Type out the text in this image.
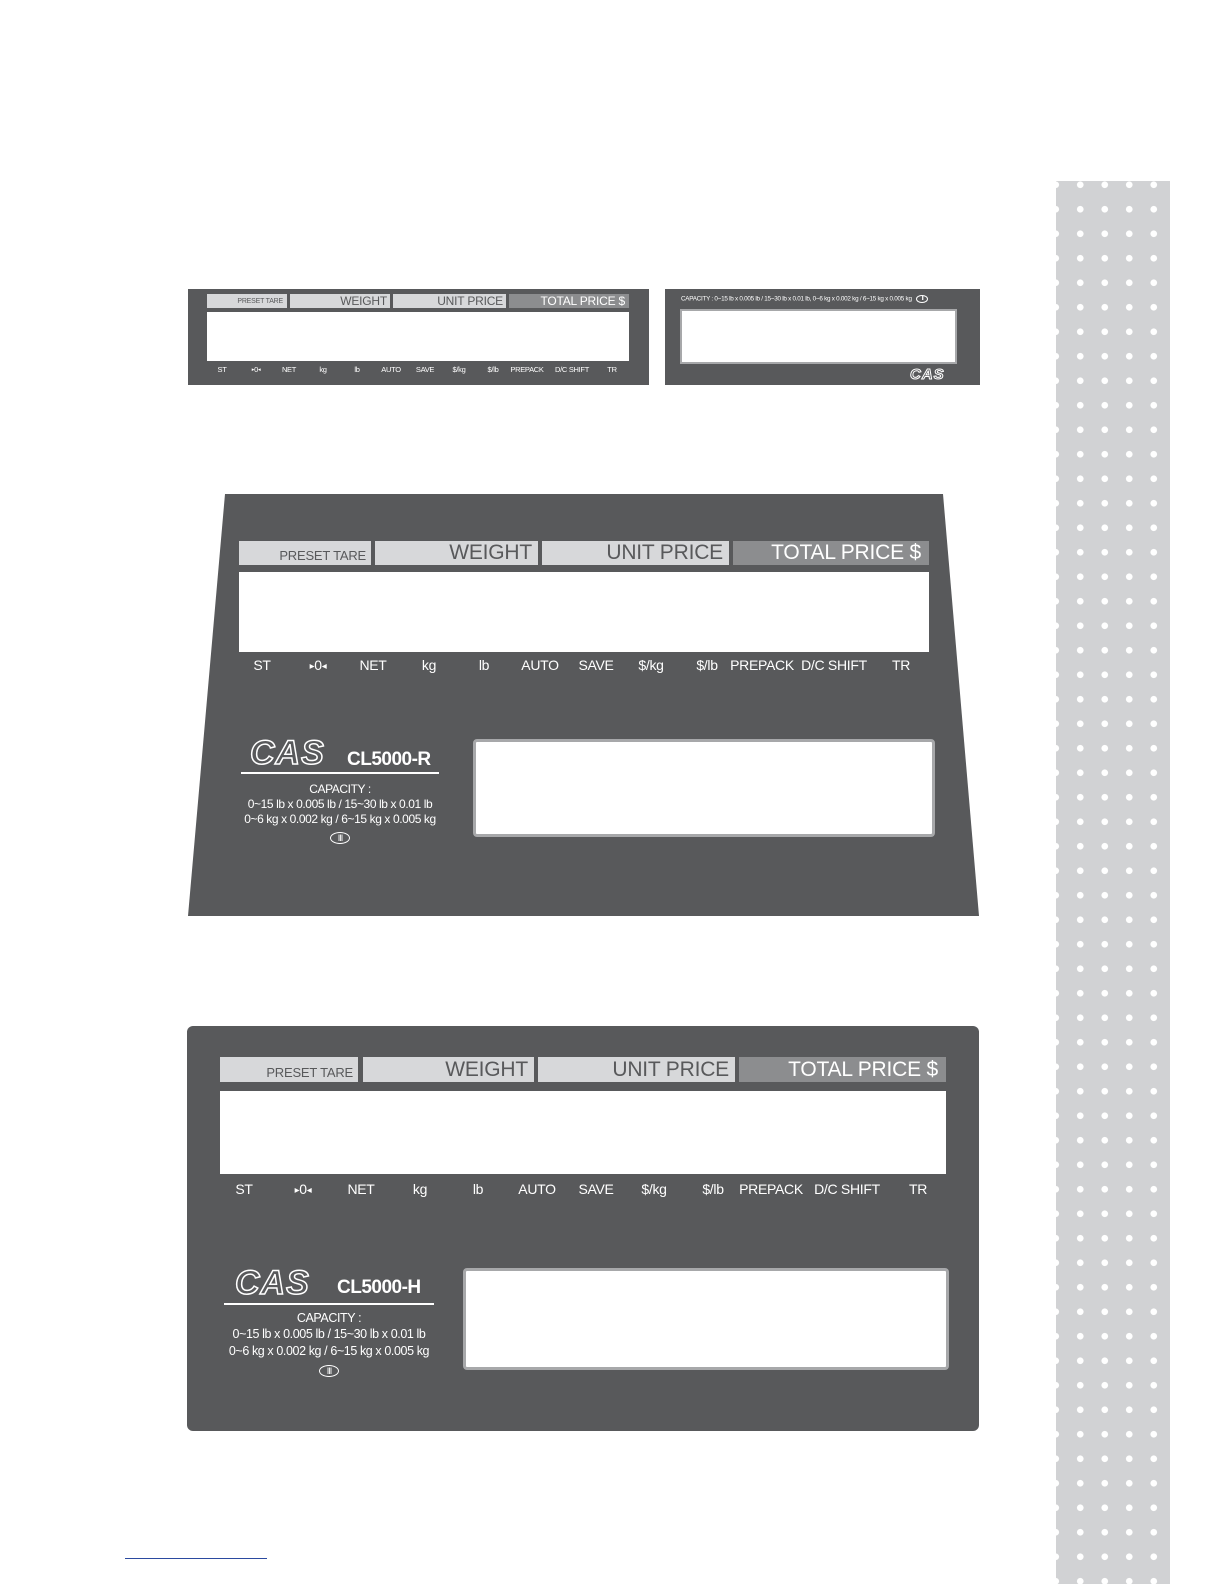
PRESET TARE	WEIGHT	UNIT PRICE	TOTAL PRICE $
ST	▸ 0 ◂	NET	kg	lb	AUTO SAVE $/kg	$/lb PREPACK D/C SHIFT TR
CAPACITY : 0~15 lb x 0.005 lb / 15~30 lb x 0.01 lb, 0~6 kg x 0.002 kg / 6~15 kg x 0.005 kg III
CAS
PRESET TARE	WEIGHT	UNIT PRICE	TOTAL PRICE $
ST	▸ 0 ◂	NET	kg	lb AUTO SAVE $/kg $/lb PREPACK D/C SHIFT TR
CAS CL5000-R
CAPACITY :
0~15 lb x 0.005 lb / 15~30 lb x 0.01 lb
0~6 kg x 0.002 kg / 6~15 kg x 0.005 kg
III
PRESET TARE	WEIGHT	UNIT PRICE	TOTAL PRICE $
ST	▸ 0 ◂	NET	kg	lb	AUTO SAVE $/kg	$/lb PREPACK D/C SHIFT TR
CAS CL5000-H
CAPACITY :
0~15 lb x 0.005 lb / 15~30 lb x 0.01 lb
0~6 kg x 0.002 kg / 6~15 kg x 0.005 kg
III
